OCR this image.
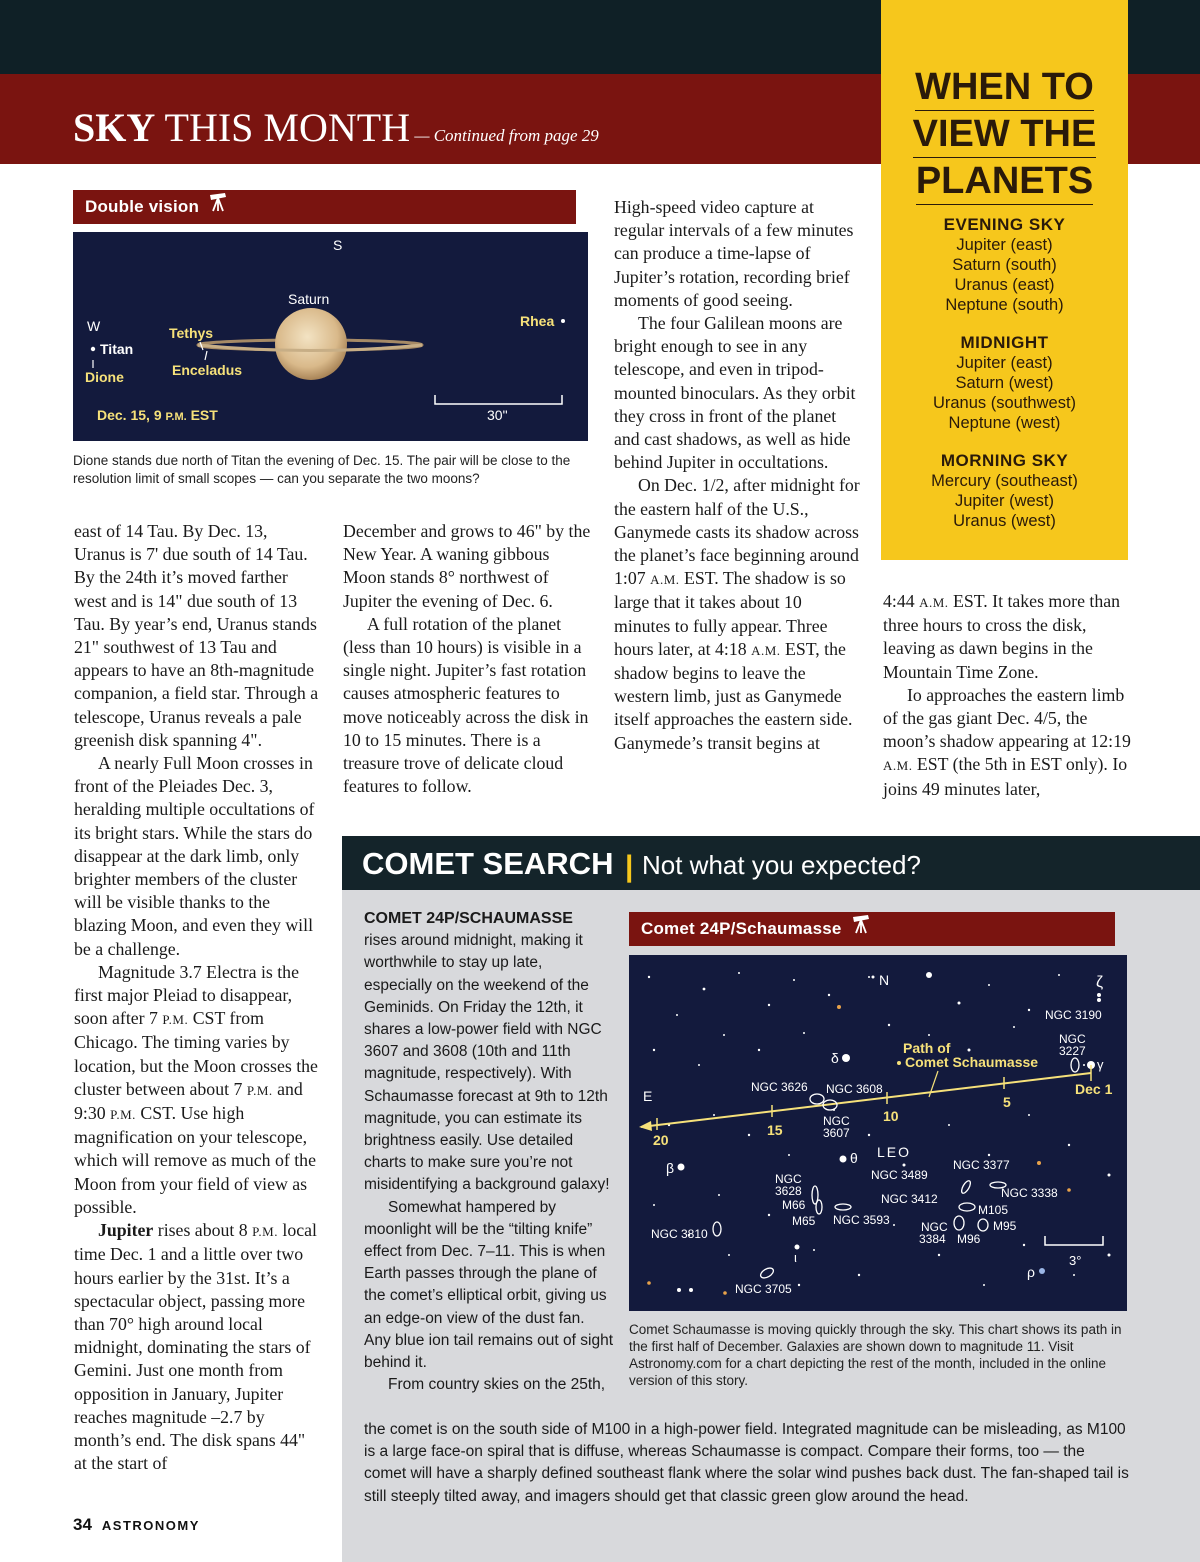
SKY THIS MONTH — Continued from page 29
WHEN TO
VIEW THE
PLANETS
EVENING SKY
Jupiter (east)
Saturn (south)
Uranus (east)
Neptune (south)
MIDNIGHT
Jupiter (east)
Saturn (west)
Uranus (southwest)
Neptune (west)
MORNING SKY
Mercury (southeast)
Jupiter (west)
Uranus (west)
Double vision
S
Saturn
W	Tethys
Titan
Dione	Enceladus
Rhea
Dec. 15, 9 P.M. EST	30"
Dione stands due north of Titan the evening of Dec. 15. The pair will be close to the resolution limit of small scopes — can you separate the two moons?

east of 14 Tau. By Dec. 13, Uranus is 7' due south of 14 Tau. By the 24th it’s moved farther west and is 14" due south of 13 Tau. By year’s end, Uranus stands 21" southwest of 13 Tau and appears to have an 8th-magnitude companion, a field star. Through a telescope, Uranus reveals a pale greenish disk spanning 4".

A nearly Full Moon crosses in front of the Pleiades Dec. 3, heralding multiple occultations of its bright stars. While the stars do disappear at the dark limb, only brighter members of the cluster will be visible thanks to the blazing Moon, and even they will be a challenge.

Magnitude 3.7 Electra is the first major Pleiad to disappear, soon after 7 P.M. CST from Chicago. The timing varies by location, but the Moon crosses the cluster between about 7 P.M. and 9:30 P.M. CST. Use high magnification on your telescope, which will remove as much of the Moon from your field of view as possible.

Jupiter rises about 8 P.M. local time Dec. 1 and a little over two hours earlier by the 31st. It’s a spectacular object, passing more than 70° high around local midnight, dominating the stars of Gemini. Just one month from opposition in January, Jupiter reaches magnitude –2.7 by month’s end. The disk spans 44" at the start of

December and grows to 46" by the New Year. A waning gibbous Moon stands 8° northwest of Jupiter the evening of Dec. 6.

A full rotation of the planet (less than 10 hours) is visible in a single night. Jupiter’s fast rotation causes atmospheric features to move noticeably across the disk in 10 to 15 minutes. There is a treasure trove of delicate cloud features to follow.

High-speed video capture at regular intervals of a few minutes can produce a time-lapse of Jupiter’s rotation, recording brief moments of good seeing.

The four Galilean moons are bright enough to see in any telescope, and even in tripod-mounted binoculars. As they orbit they cross in front of the planet and cast shadows, as well as hide behind Jupiter in occultations.

On Dec. 1/2, after midnight for the eastern half of the U.S., Ganymede casts its shadow across the planet’s face beginning around 1:07 A.M. EST. The shadow is so large that it takes about 10 minutes to fully appear. Three hours later, at 4:18 A.M. EST, the shadow begins to leave the western limb, just as Ganymede itself approaches the eastern side. Ganymede’s transit begins at

4:44 A.M. EST. It takes more than three hours to cross the disk, leaving as dawn begins in the Mountain Time Zone.

Io approaches the eastern limb of the gas giant Dec. 4/5, the moon’s shadow appearing at 12:19 A.M. EST (the 5th in EST only). Io joins 49 minutes later,

COMET SEARCH | Not what you expected?
COMET 24P/SCHAUMASSE
rises around midnight, making it worthwhile to stay up late, especially on the weekend of the Geminids. On Friday the 12th, it shares a low-power field with NGC 3607 and 3608 (10th and 11th magnitude, respectively). With Schaumasse forecast at 9th to 12th magnitude, you can estimate its brightness easily. Use detailed charts to make sure you’re not misidentifying a background galaxy!
Somewhat hampered by moonlight will be the “tilting knife” effect from Dec. 7–11. This is when Earth passes through the plane of the comet’s elliptical orbit, giving us an edge-on view of the dust fan. Any blue ion tail remains out of sight behind it.
From country skies on the 25th,
the comet is on the south side of M100 in a high-power field. Integrated magnitude can be misleading, as M100 is a large face-on spiral that is diffuse, whereas Schaumasse is compact. Compare their forms, too — the comet will have a sharply defined southeast flank where the solar wind pushes back dust. The fan-shaped tail is still steeply tilted away, and imagers should get that classic green glow around the head.
Comet 24P/Schaumasse
N
E
ζ
NGC 3190
NGC
3227
γ
Path of
Comet Schaumasse
δ
Dec 1
5
10
15
20
NGC 3626 NGC 3608
NGC
3607
θ LEO
β	NGC 3489
NGC 3377
NGC 3412	NGC 3338
NGC
3628
M66
M65 NGC 3593
M105
M95
NGC
3384 M96
NGC 3810
ι
NGC 3705
3°
ρ
Comet Schaumasse is moving quickly through the sky. This chart shows its path in the first half of December. Galaxies are shown down to magnitude 11. Visit Astronomy.com for a chart depicting the rest of the month, included in the online version of this story.
34 ASTRONOMY
